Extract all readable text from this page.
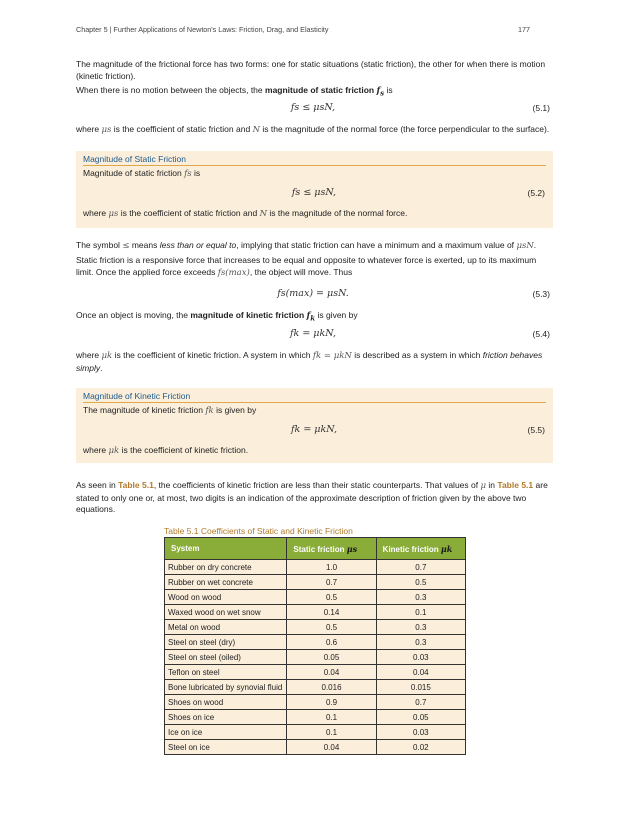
Chapter 5 | Further Applications of Newton's Laws: Friction, Drag, and Elasticity	177
The magnitude of the frictional force has two forms: one for static situations (static friction), the other for when there is motion (kinetic friction).
When there is no motion between the objects, the magnitude of static friction $f_s$ is
fs ≤ μsN,	(5.1)
where μs is the coefficient of static friction and N is the magnitude of the normal force (the force perpendicular to the surface).
Magnitude of Static Friction
Magnitude of static friction fs is
fs ≤ μsN,	(5.2)
where μs is the coefficient of static friction and N is the magnitude of the normal force.
The symbol ≤ means less than or equal to, implying that static friction can have a minimum and a maximum value of μsN.
Static friction is a responsive force that increases to be equal and opposite to whatever force is exerted, up to its maximum limit. Once the applied force exceeds fs(max), the object will move. Thus
fs(max) = μsN.	(5.3)
Once an object is moving, the magnitude of kinetic friction $f_k$ is given by
fk = μkN,	(5.4)
where μk is the coefficient of kinetic friction. A system in which fk = μkN is described as a system in which friction behaves simply.
Magnitude of Kinetic Friction
The magnitude of kinetic friction fk is given by
fk = μkN,	(5.5)
where μk is the coefficient of kinetic friction.
As seen in Table 5.1, the coefficients of kinetic friction are less than their static counterparts. That values of μ in Table 5.1 are stated to only one or, at most, two digits is an indication of the approximate description of friction given by the above two equations.
Table 5.1 Coefficients of Static and Kinetic Friction
System	Static friction μs	Kinetic friction μk
Rubber on dry concrete	1.0	0.7
Rubber on wet concrete	0.7	0.5
Wood on wood	0.5	0.3
Waxed wood on wet snow	0.14	0.1
Metal on wood	0.5	0.3
Steel on steel (dry)	0.6	0.3
Steel on steel (oiled)	0.05	0.03
Teflon on steel	0.04	0.04
Bone lubricated by synovial fluid	0.016	0.015
Shoes on wood	0.9	0.7
Shoes on ice	0.1	0.05
Ice on ice	0.1	0.03
Steel on ice	0.04	0.02
